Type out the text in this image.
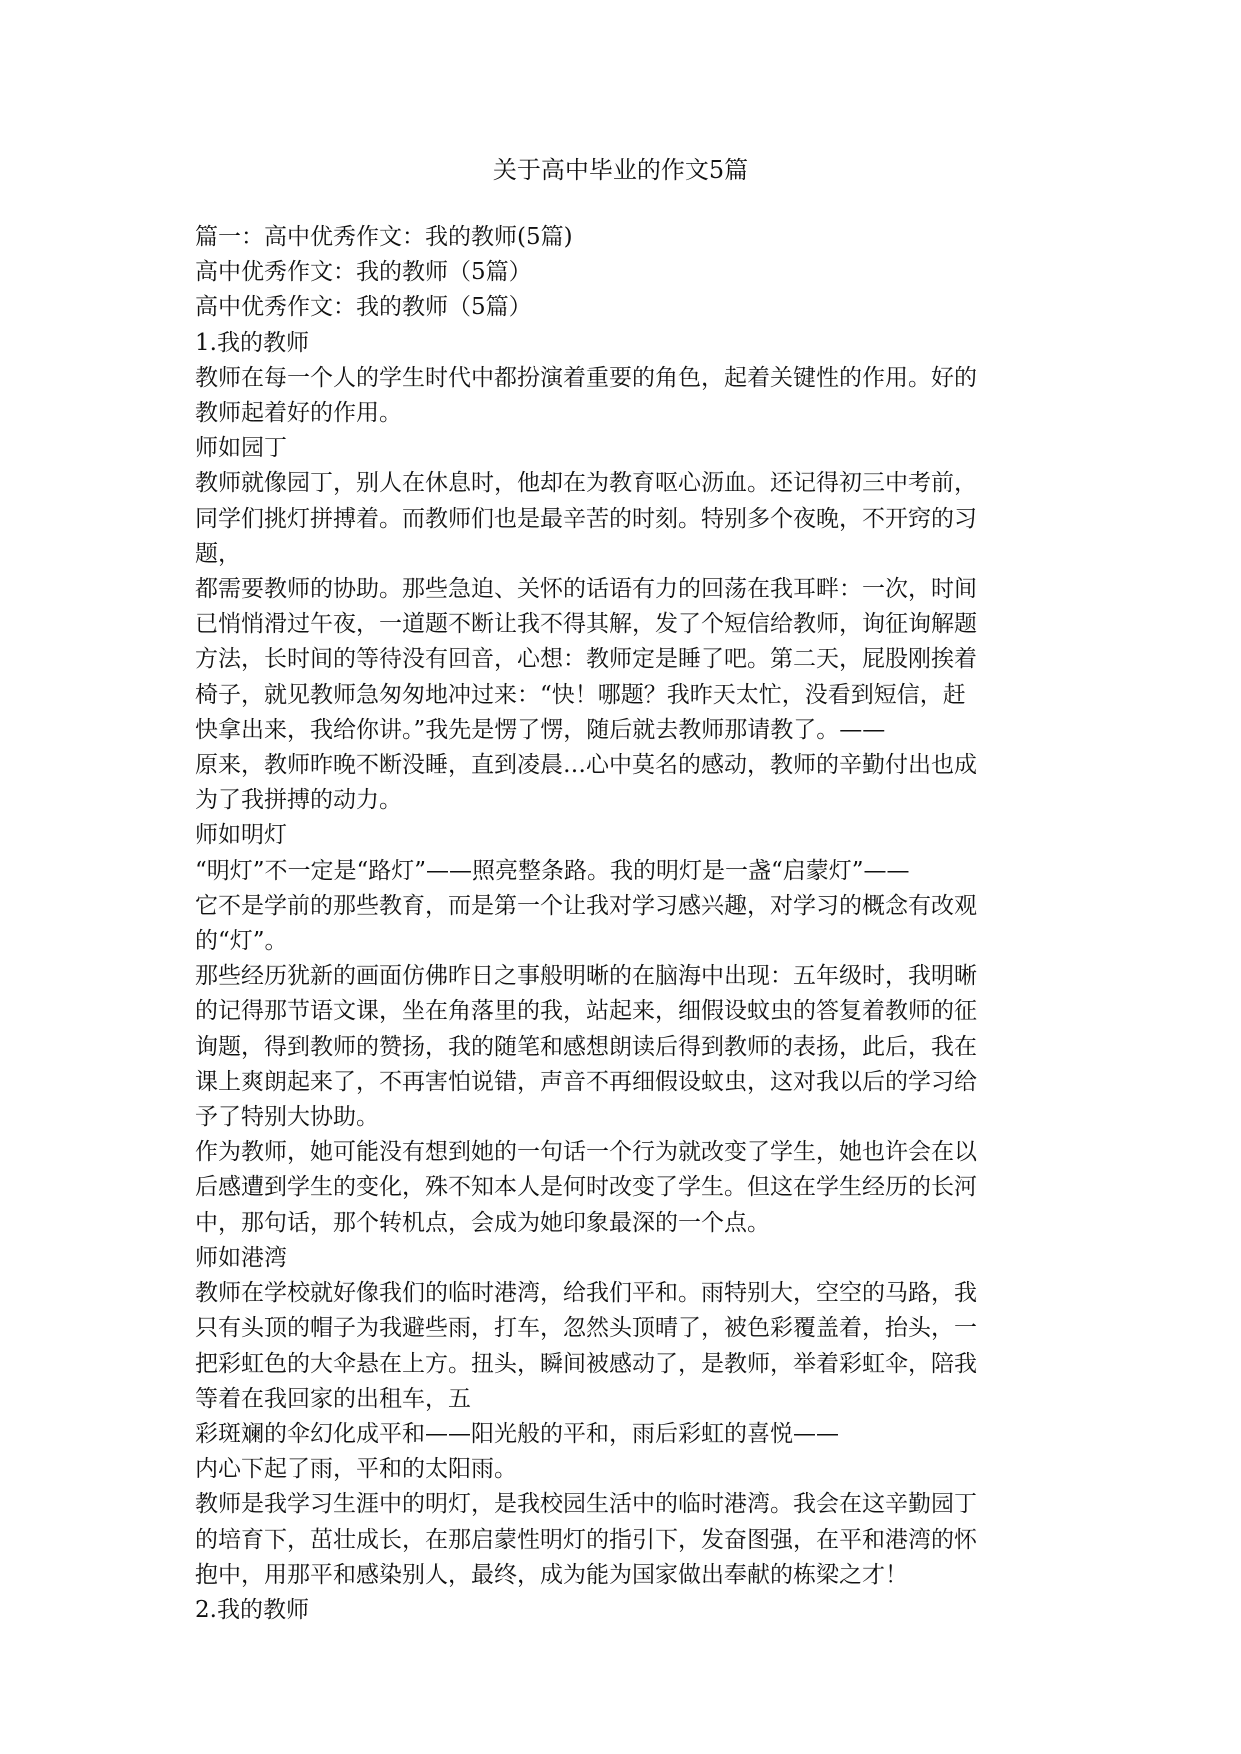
关于高中毕业的作文5篇

篇一：高中优秀作文：我的教师(5篇)

高中优秀作文：我的教师（5篇）

高中优秀作文：我的教师（5篇）

1.我的教师

教师在每一个人的学生时代中都扮演着重要的角色，起着关键性的作用。好的

教师起着好的作用。

师如园丁

教师就像园丁，别人在休息时，他却在为教育呕心沥血。还记得初三中考前，

同学们挑灯拼搏着。而教师们也是最辛苦的时刻。特别多个夜晚，不开窍的习

题，

都需要教师的协助。那些急迫、关怀的话语有力的回荡在我耳畔：一次，时间

已悄悄滑过午夜，一道题不断让我不得其解，发了个短信给教师，询征询解题

方法，长时间的等待没有回音，心想：教师定是睡了吧。第二天，屁股刚挨着

椅子，就见教师急匆匆地冲过来：“快！哪题？我昨天太忙，没看到短信，赶

快拿出来，我给你讲。”我先是愣了愣，随后就去教师那请教了。——

原来，教师昨晚不断没睡，直到凌晨…心中莫名的感动，教师的辛勤付出也成

为了我拼搏的动力。

师如明灯

“明灯”不一定是“路灯”——照亮整条路。我的明灯是一盏“启蒙灯”——

它不是学前的那些教育，而是第一个让我对学习感兴趣，对学习的概念有改观

的“灯”。

那些经历犹新的画面仿佛昨日之事般明晰的在脑海中出现：五年级时，我明晰

的记得那节语文课，坐在角落里的我，站起来，细假设蚊虫的答复着教师的征

询题，得到教师的赞扬，我的随笔和感想朗读后得到教师的表扬，此后，我在

课上爽朗起来了，不再害怕说错，声音不再细假设蚊虫，这对我以后的学习给

予了特别大协助。

作为教师，她可能没有想到她的一句话一个行为就改变了学生，她也许会在以

后感遭到学生的变化，殊不知本人是何时改变了学生。但这在学生经历的长河

中，那句话，那个转机点，会成为她印象最深的一个点。

师如港湾

教师在学校就好像我们的临时港湾，给我们平和。雨特别大，空空的马路，我

只有头顶的帽子为我避些雨，打车，忽然头顶晴了，被色彩覆盖着，抬头，一

把彩虹色的大伞悬在上方。扭头，瞬间被感动了，是教师，举着彩虹伞，陪我

等着在我回家的出租车，五

彩斑斓的伞幻化成平和——阳光般的平和，雨后彩虹的喜悦——

内心下起了雨，平和的太阳雨。

教师是我学习生涯中的明灯，是我校园生活中的临时港湾。我会在这辛勤园丁

的培育下，茁壮成长，在那启蒙性明灯的指引下，发奋图强，在平和港湾的怀

抱中，用那平和感染别人，最终，成为能为国家做出奉献的栋梁之才！

2.我的教师
